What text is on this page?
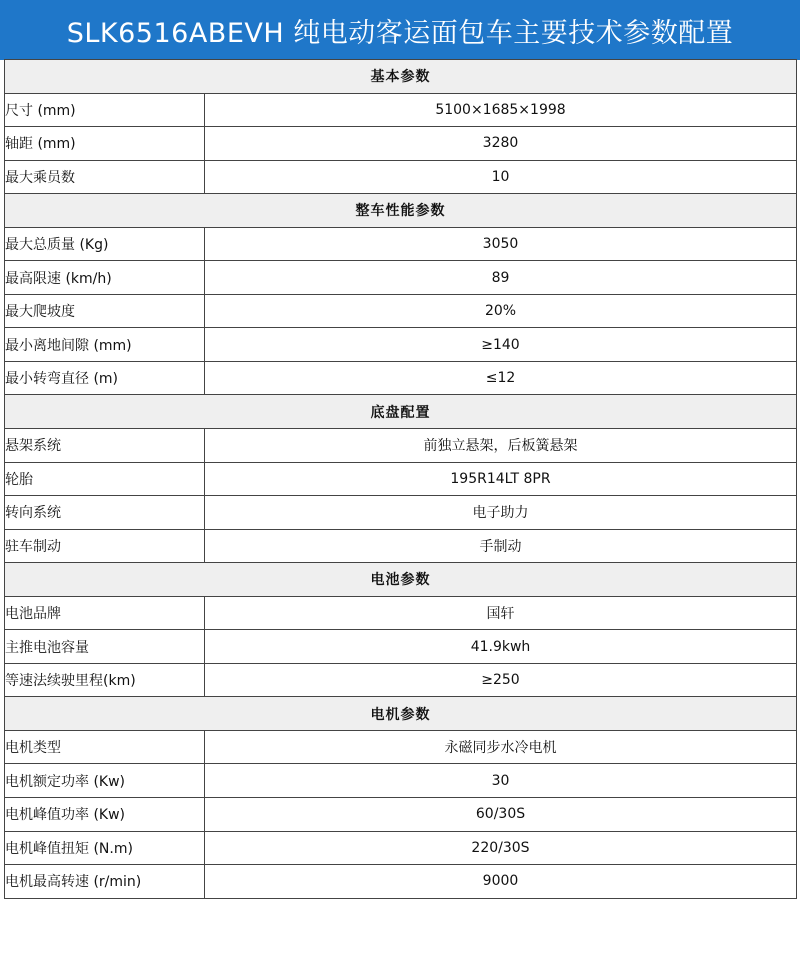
SLK6516ABEVH 纯电动客运面包车主要技术参数配置
基本参数	
尺寸 (mm)	5100×1685×1998
轴距 (mm)	3280
最大乘员数	10
整车性能参数	
最大总质量 (Kg)	3050
最高限速 (km/h)	89
最大爬坡度	20%
最小离地间隙 (mm)	≥140
最小转弯直径 (m)	≤12
底盘配置	
悬架系统	前独立悬架，后板簧悬架
轮胎	195R14LT 8PR
转向系统	电子助力
驻车制动	手制动
电池参数	
电池品牌	国轩
主推电池容量	41.9kwh
等速法续驶里程(km)	≥250
电机参数	
电机类型	永磁同步水冷电机
电机额定功率 (Kw)	30
电机峰值功率 (Kw)	60/30S
电机峰值扭矩 (N.m)	220/30S
电机最高转速 (r/min)	9000
